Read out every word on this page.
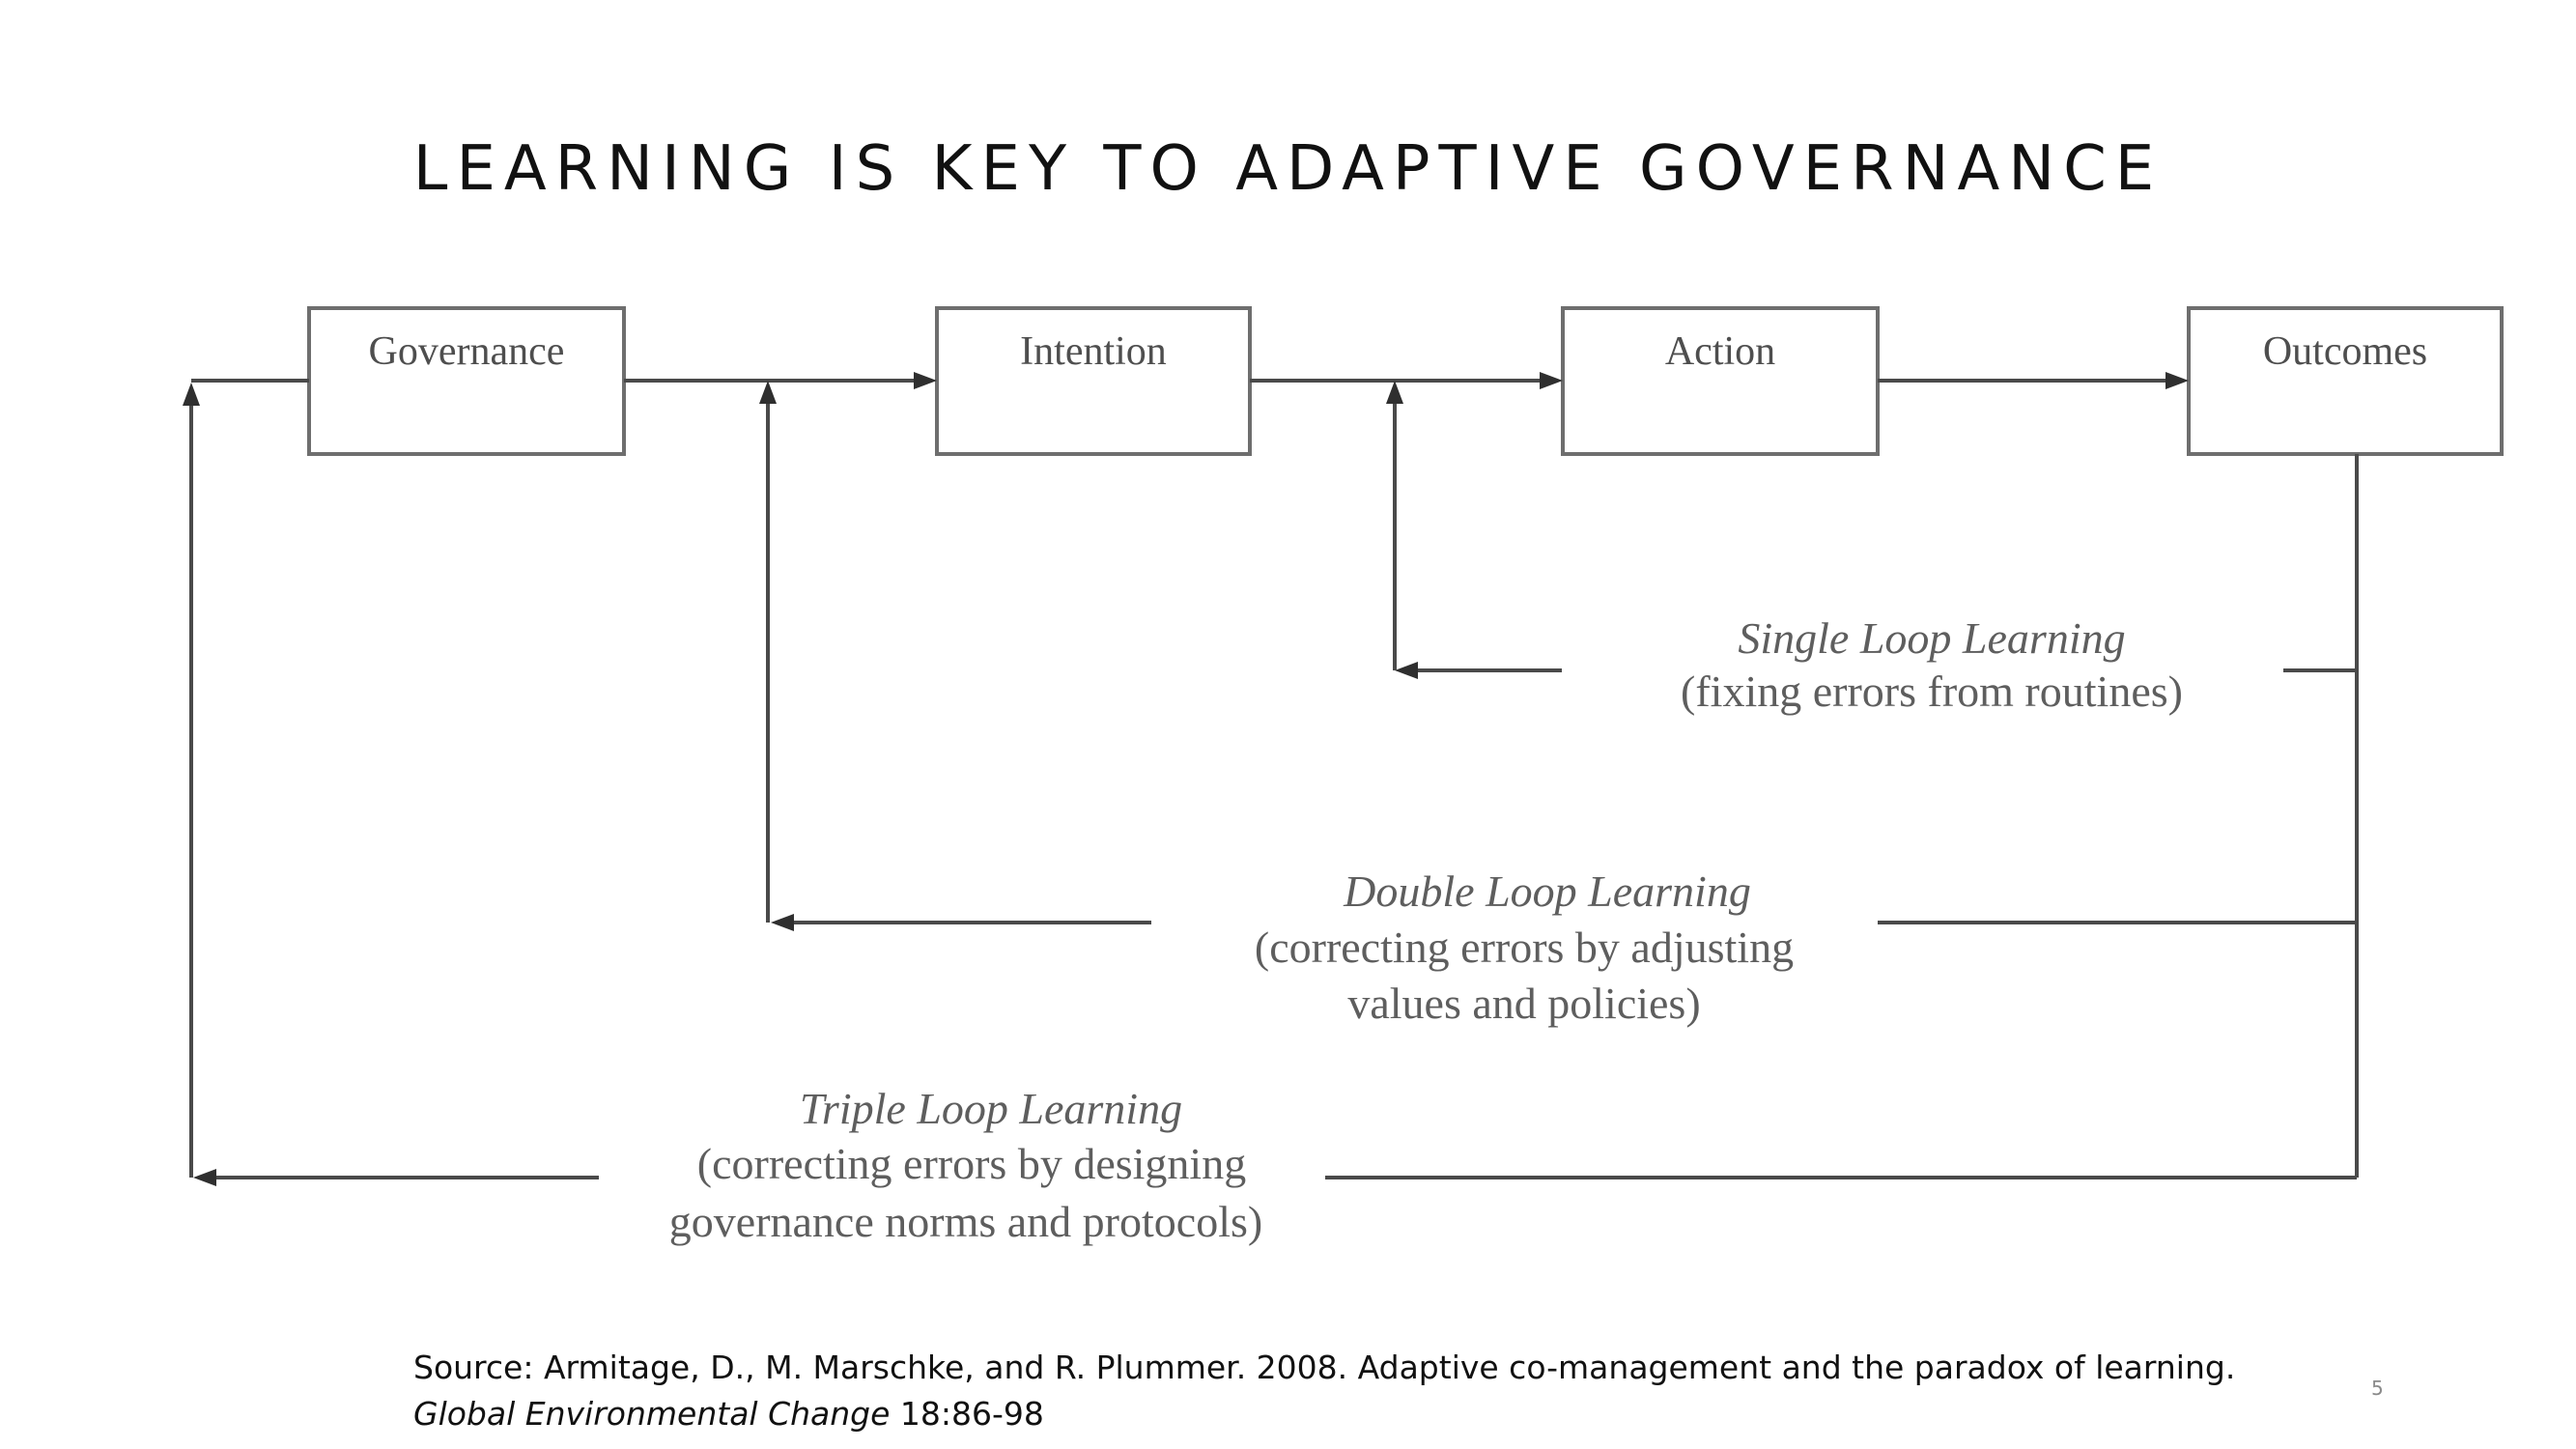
LEARNING IS KEY TO ADAPTIVE GOVERNANCE
Governance	Intention	Action	Outcomes
Single Loop Learning
(fixing errors from routines)
Double Loop Learning
(correcting errors by adjusting
values and policies)
Triple Loop Learning
(correcting errors by designing
governance norms and protocols)
Source: Armitage, D., M. Marschke, and R. Plummer. 2008. Adaptive co-management and the paradox of learning. Global Environmental Change 18:86-98
5
